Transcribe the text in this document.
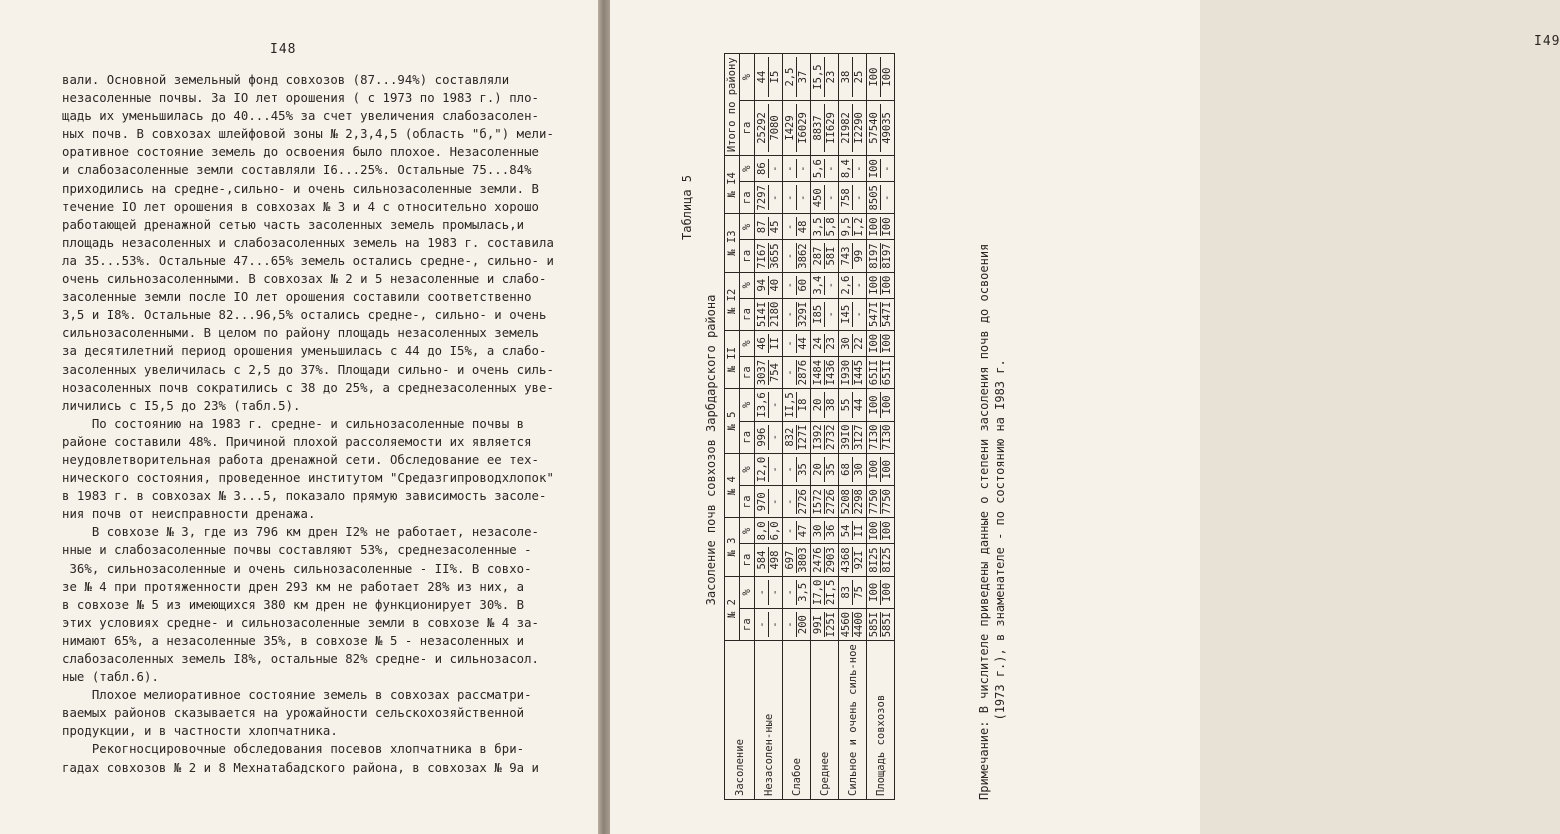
I48
вали. Основной земельный фонд совхозов (87...94%) составляли
незасоленные почвы. За IO лет орошения ( с 1973 по 1983 г.) пло-
щадь их уменьшилась до 40...45% за счет увеличения слабозасолен-
ных почв. В совхозах шлейфовой зоны № 2,3,4,5 (область "б,") мели-
оративное состояние земель до освоения было плохое. Незасоленные
и слабозасоленные земли составляли I6...25%. Остальные 75...84%
приходились на средне-,сильно- и очень сильнозасоленные земли. В
течение IO лет орошения в совхозах № 3 и 4 с относительно хорошо
работающей дренажной сетью часть засоленных земель промылась,и
площадь незасоленных и слабозасоленных земель на 1983 г. составила
ла 35...53%. Остальные 47...65% земель остались средне-, сильно- и
очень сильнозасоленными. В совхозах № 2 и 5 незасоленные и слабо-
засоленные земли после IO лет орошения составили соответственно
3,5 и I8%. Остальные 82...96,5% остались средне-, сильно- и очень
сильнозасоленными. В целом по району площадь незасоленных земель
за десятилетний период орошения уменьшилась с 44 до I5%, а слабо-
засоленных увеличилась с 2,5 до 37%. Площади сильно- и очень силь-
нозасоленных почв сократились с 38 до 25%, а среднезасоленных уве-
личились с I5,5 до 23% (табл.5).
По состоянию на 1983 г. средне- и сильнозасоленные почвы в
районе составили 48%. Причиной плохой рассоляемости их является
неудовлетворительная работа дренажной сети. Обследование ее тех-
нического состояния, проведенное институтом "Средазгипроводхлопок"
в 1983 г. в совхозах № 3...5, показало прямую зависимость засоле-
ния почв от неисправности дренажа.
В совхозе № 3, где из 796 км дрен I2% не работает, незасоле-
нные и слабозасоленные почвы составляют 53%, среднезасоленные -
36%, сильнозасоленные и очень сильнозасоленные - II%. В совхо-
зе № 4 при протяженности дрен 293 км не работает 28% из них, а
в совхозе № 5 из имеющихся 380 км дрен не функционирует 30%. В
этих условиях средне- и сильнозасоленные земли в совхозе № 4 за-
нимают 65%, а незасоленные 35%, в совхозе № 5 - незасоленных и
слабозасоленных земель I8%, остальные 82% средне- и сильнозасол.
ные (табл.6).
Плохое мелиоративное состояние земель в совхозах рассматри-
ваемых районов сказывается на урожайности сельскохозяйственной
продукции, и в частности хлопчатника.
Рекогносцировочные обследования посевов хлопчатника в бри-
гадах совхозов № 2 и 8 Мехнатабадского района, в совхозах № 9а и
I49
Таблица 5
Засоление почв совхозов Зарбдарского района
Засоление	№ 2		№ 3		№ 4		№ 5		№ II		№ I2		№ I3		№ I4		Итого по району	
	га	%	га	%	га	%	га	%	га	%	га	%	га	%	га	%	га	%
Незасолен-ные	- -	- -	584 498	8,0 6,0	970 -	I2,0 -	996 -	I3,6 -	3037 754	46 II	5I4I 2180	94 40	7I67 3655	87 45	7297 -	86 -	25292 7080	44 I5

Слабое	- 200	- 3,5	697 3803	- 47	- 2726	- 35	832 I27I	II,5 I8	- 2876	- 44	- 329I	- 60	- 3862	- 48	- -	- -	I429 I6029	2,5 37

Среднее	99I I25I	I7,0 2I,5	2476 2903	30 36	I572 2726	20 35	I392 2732	20 38	I484 I436	24 23	I85 -	3,4 -	287 58I	3,5 5,8	450 -	5,6 -	8837 II629	I5,5 23

Сильное и очень силь-ное	4560 4400	83 75	4368 92I	54 II	5208 2298	68 30	39I0 3I27	55 44	I930 I445	30 22	I45 -	2,6 -	743 99	9,5 I,2	758 -	8,4 -	2I982 I2290	38 25

Площадь совхозов	585I 585I	I00 I00	8I25 8I25	I00 I00	7750 7750	I00 I00	7I30 7I30	I00 I00	65II 65II	I00 I00	547I 547I	I00 I00	8I97 8I97	I00 I00	8505 -	I00 -	57540 49035	I00 I00
Примечание: В числителе приведены данные о степени засоления почв до освоения (1973 г.), в знаменателе - по состоянию на I983 г.
